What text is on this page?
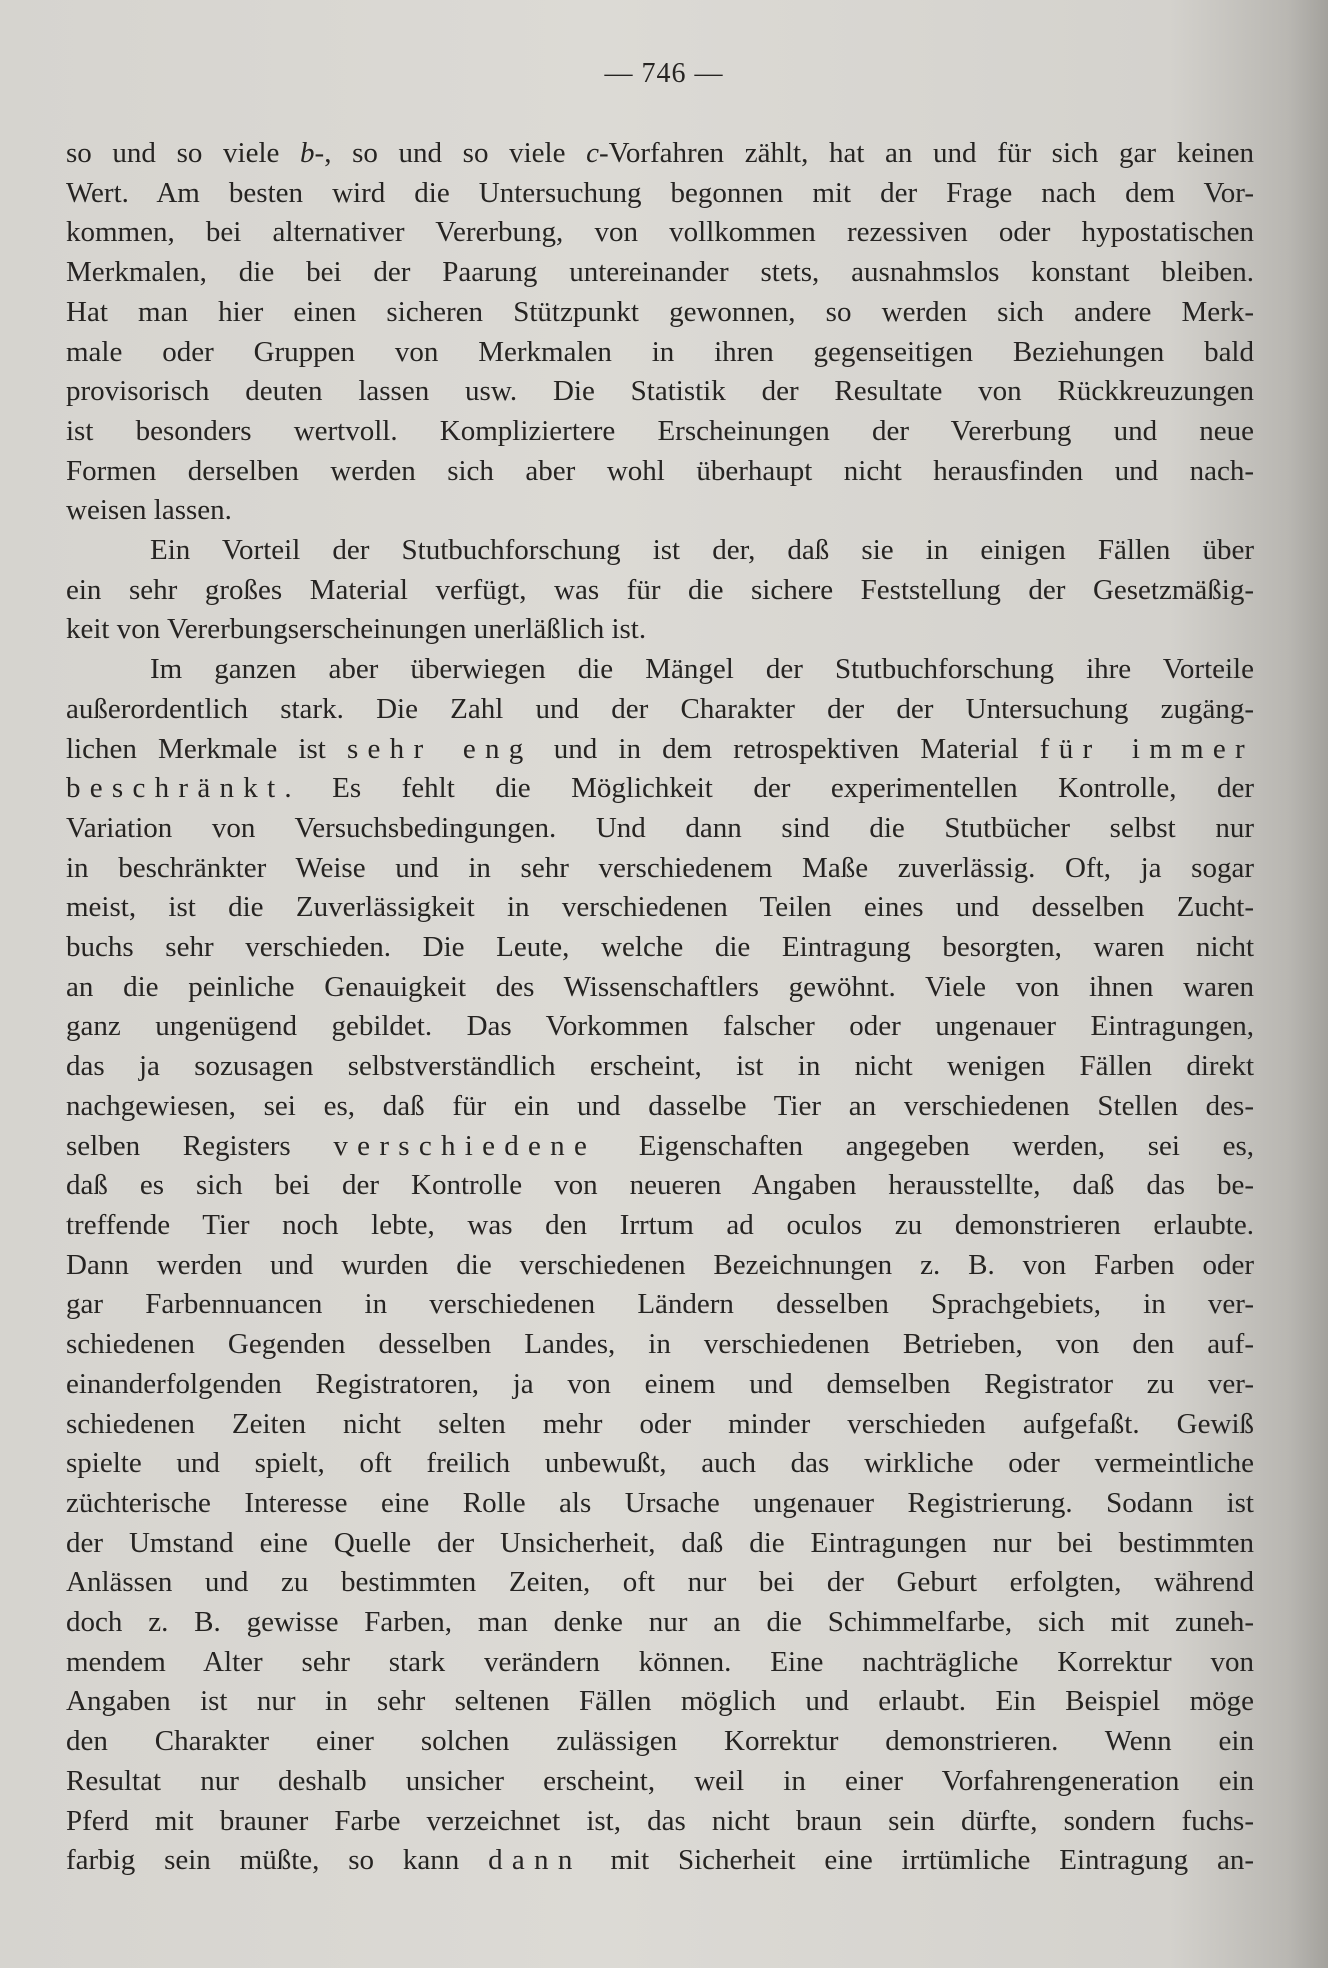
— 746 —
so und so viele b-, so und so viele c-Vorfahren zählt, hat an und für sich gar keinen
Wert. Am besten wird die Untersuchung begonnen mit der Frage nach dem Vor-
kommen, bei alternativer Vererbung, von vollkommen rezessiven oder hypostatischen
Merkmalen, die bei der Paarung untereinander stets, ausnahmslos konstant bleiben.
Hat man hier einen sicheren Stützpunkt gewonnen, so werden sich andere Merk-
male oder Gruppen von Merkmalen in ihren gegenseitigen Beziehungen bald
provisorisch deuten lassen usw. Die Statistik der Resultate von Rückkreuzungen
ist besonders wertvoll. Kompliziertere Erscheinungen der Vererbung und neue
Formen derselben werden sich aber wohl überhaupt nicht herausfinden und nach-
weisen lassen.
Ein Vorteil der Stutbuchforschung ist der, daß sie in einigen Fällen über
ein sehr großes Material verfügt, was für die sichere Feststellung der Gesetzmäßig-
keit von Vererbungserscheinungen unerläßlich ist.
Im ganzen aber überwiegen die Mängel der Stutbuchforschung ihre Vorteile
außerordentlich stark. Die Zahl und der Charakter der der Untersuchung zugäng-
lichen Merkmale ist sehr eng und in dem retrospektiven Material für immer
beschränkt. Es fehlt die Möglichkeit der experimentellen Kontrolle, der
Variation von Versuchsbedingungen. Und dann sind die Stutbücher selbst nur
in beschränkter Weise und in sehr verschiedenem Maße zuverlässig. Oft, ja sogar
meist, ist die Zuverlässigkeit in verschiedenen Teilen eines und desselben Zucht-
buchs sehr verschieden. Die Leute, welche die Eintragung besorgten, waren nicht
an die peinliche Genauigkeit des Wissenschaftlers gewöhnt. Viele von ihnen waren
ganz ungenügend gebildet. Das Vorkommen falscher oder ungenauer Eintragungen,
das ja sozusagen selbstverständlich erscheint, ist in nicht wenigen Fällen direkt
nachgewiesen, sei es, daß für ein und dasselbe Tier an verschiedenen Stellen des-
selben Registers verschiedene Eigenschaften angegeben werden, sei es,
daß es sich bei der Kontrolle von neueren Angaben herausstellte, daß das be-
treffende Tier noch lebte, was den Irrtum ad oculos zu demonstrieren erlaubte.
Dann werden und wurden die verschiedenen Bezeichnungen z. B. von Farben oder
gar Farbennuancen in verschiedenen Ländern desselben Sprachgebiets, in ver-
schiedenen Gegenden desselben Landes, in verschiedenen Betrieben, von den auf-
einanderfolgenden Registratoren, ja von einem und demselben Registrator zu ver-
schiedenen Zeiten nicht selten mehr oder minder verschieden aufgefaßt. Gewiß
spielte und spielt, oft freilich unbewußt, auch das wirkliche oder vermeintliche
züchterische Interesse eine Rolle als Ursache ungenauer Registrierung. Sodann ist
der Umstand eine Quelle der Unsicherheit, daß die Eintragungen nur bei bestimmten
Anlässen und zu bestimmten Zeiten, oft nur bei der Geburt erfolgten, während
doch z. B. gewisse Farben, man denke nur an die Schimmelfarbe, sich mit zuneh-
mendem Alter sehr stark verändern können. Eine nachträgliche Korrektur von
Angaben ist nur in sehr seltenen Fällen möglich und erlaubt. Ein Beispiel möge
den Charakter einer solchen zulässigen Korrektur demonstrieren. Wenn ein
Resultat nur deshalb unsicher erscheint, weil in einer Vorfahrengeneration ein
Pferd mit brauner Farbe verzeichnet ist, das nicht braun sein dürfte, sondern fuchs-
farbig sein müßte, so kann dann mit Sicherheit eine irrtümliche Eintragung an-
